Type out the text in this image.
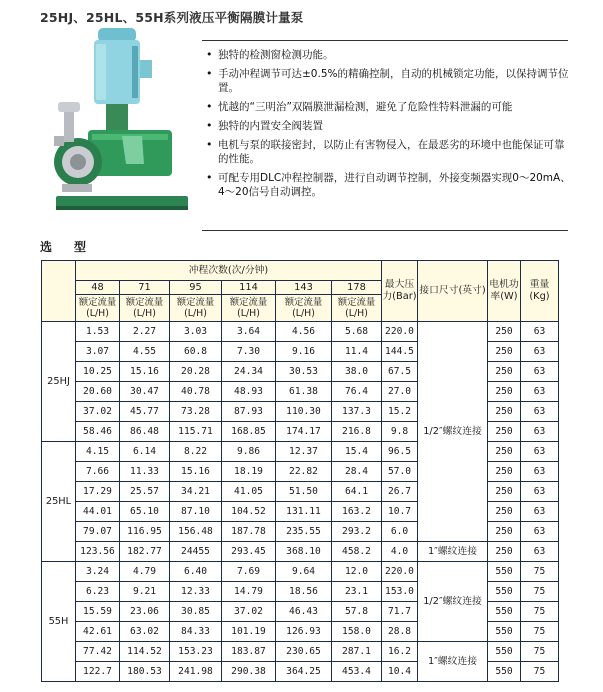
25HJ、25HL、55H系列液压平衡隔膜计量泵
• 独特的检测窗检测功能。
• 手动冲程调节可达±0.5%的精确控制，自动的机械锁定功能，以保持调节位置。
• 忧越的“三明治”双隔膜泄漏检测，避免了危险性特料泄漏的可能
• 独特的内置安全阀装置
• 电机与泵的联接密封，以防止有害物侵入，在最恶劣的环境中也能保证可靠的性能。
• 可配专用DLC冲程控制器，进行自动调节控制，外接变频器实现0～20mA、4～20信号自动调控。
选型
	冲程次数(次/分钟)						最大压力(Bar)	接口尺寸(英寸)	电机功率(W)	重量(Kg)
	48	71	95	114	143	178				
	额定流量(L/H)	额定流量(L/H)	额定流量(L/H)	额定流量(L/H)	额定流量(L/H)	额定流量(L/H)				
25HJ	1.53	2.27	3.03	3.64	4.56	5.68	220.0	1/2″螺纹连接	250	63
	3.07	4.55	60.8	7.30	9.16	11.4	144.5		250	63
	10.25	15.16	20.28	24.34	30.53	38.0	67.5		250	63
	20.60	30.47	40.78	48.93	61.38	76.4	27.0		250	63
	37.02	45.77	73.28	87.93	110.30	137.3	15.2		250	63
	58.46	86.48	115.71	168.85	174.17	216.8	9.8		250	63
25HL	4.15	6.14	8.22	9.86	12.37	15.4	96.5		250	63
	7.66	11.33	15.16	18.19	22.82	28.4	57.0		250	63
	17.29	25.57	34.21	41.05	51.50	64.1	26.7		250	63
	44.01	65.10	87.10	104.52	131.11	163.2	10.7		250	63
	79.07	116.95	156.48	187.78	235.55	293.2	6.0		250	63
	123.56	182.77	24455	293.45	368.10	458.2	4.0	1″螺纹连接	250	63
55H	3.24	4.79	6.40	7.69	9.64	12.0	220.0	1/2″螺纹连接	550	75
	6.23	9.21	12.33	14.79	18.56	23.1	153.0		550	75
	15.59	23.06	30.85	37.02	46.43	57.8	71.7		550	75
	42.61	63.02	84.33	101.19	126.93	158.0	28.8		550	75
	77.42	114.52	153.23	183.87	230.65	287.1	16.2	1″螺纹连接	550	75
	122.7	180.53	241.98	290.38	364.25	453.4	10.4		550	75
